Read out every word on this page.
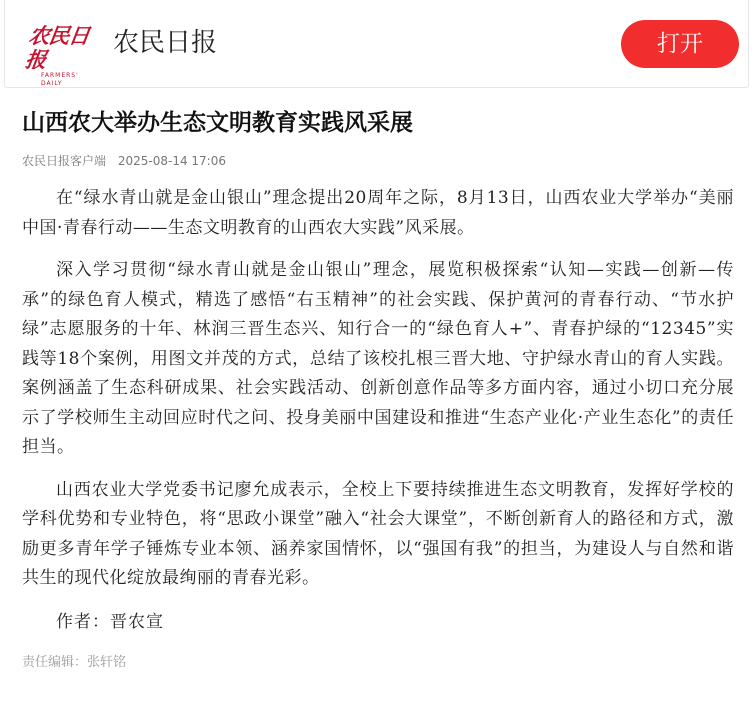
农民日报
FARMERS' DAILY
农民日报	打开
山西农大举办生态文明教育实践风采展
农民日报客户端 2025-08-14 17:06

在“绿水青山就是金山银山”理念提出20周年之际，8月13日，山西农业大学举办“美丽中国·青春行动——生态文明教育的山西农大实践”风采展。

深入学习贯彻“绿水青山就是金山银山”理念，展览积极探索“认知—实践—创新—传承”的绿色育人模式，精选了感悟“右玉精神”的社会实践、保护黄河的青春行动、“节水护绿”志愿服务的十年、林润三晋生态兴、知行合一的“绿色育人+”、青春护绿的“12345”实践等18个案例，用图文并茂的方式，总结了该校扎根三晋大地、守护绿水青山的育人实践。案例涵盖了生态科研成果、社会实践活动、创新创意作品等多方面内容，通过小切口充分展示了学校师生主动回应时代之问、投身美丽中国建设和推进“生态产业化·产业生态化”的责任担当。

山西农业大学党委书记廖允成表示，全校上下要持续推进生态文明教育，发挥好学校的学科优势和专业特色，将“思政小课堂”融入“社会大课堂”，不断创新育人的路径和方式，激励更多青年学子锤炼专业本领、涵养家国情怀，以“强国有我”的担当，为建设人与自然和谐共生的现代化绽放最绚丽的青春光彩。

作者：晋农宣
责任编辑：张轩铭
